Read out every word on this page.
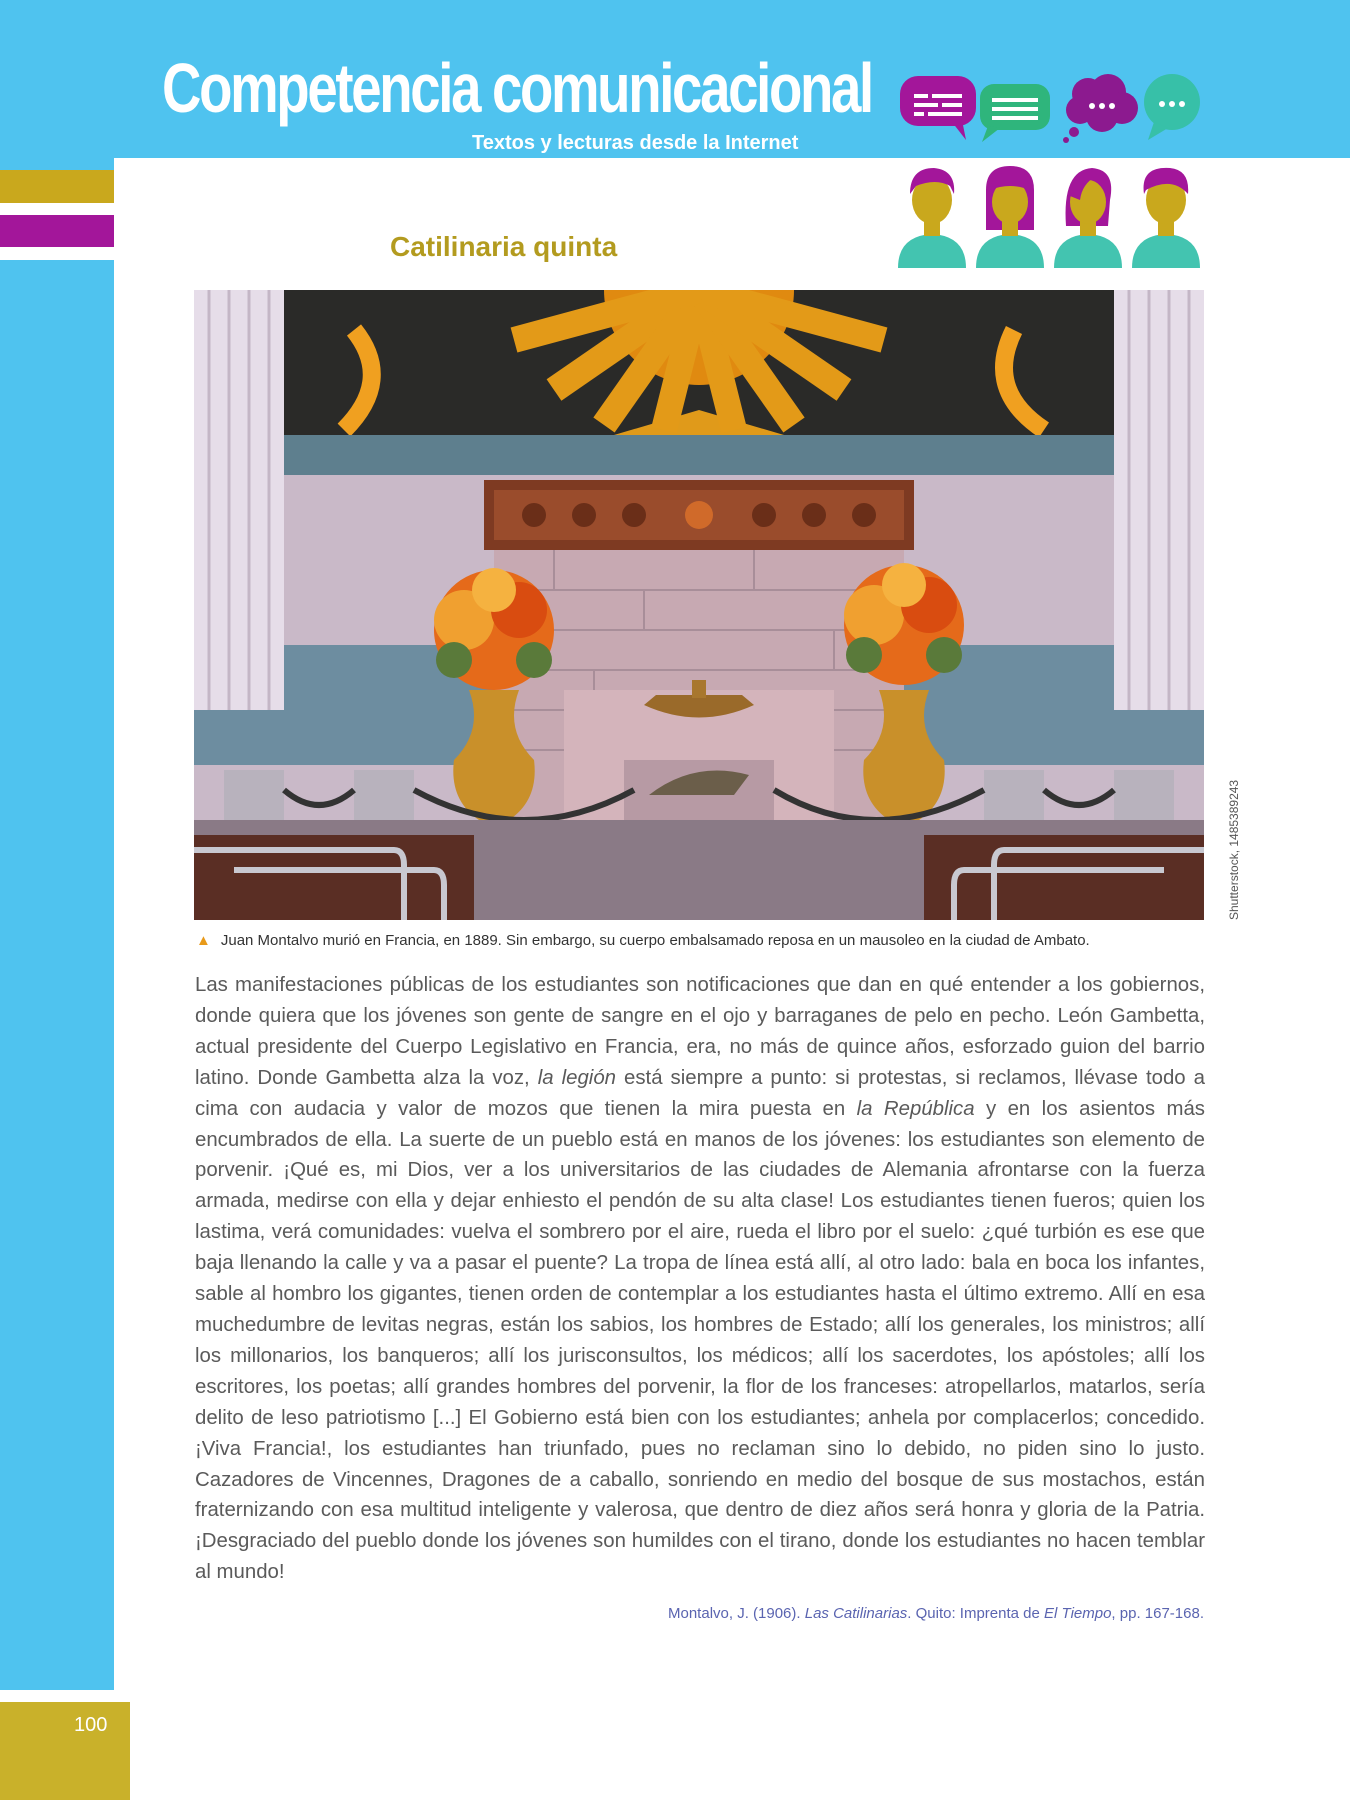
Competencia comunicacional
Textos y lecturas desde la Internet
Catilinaria quinta
Shutterstock, 1485389243
▲ Juan Montalvo murió en Francia, en 1889. Sin embargo, su cuerpo embalsamado reposa en un mausoleo en la ciudad de Ambato.

Las manifestaciones públicas de los estudiantes son notificaciones que dan en qué entender a los gobiernos, donde quiera que los jóvenes son gente de sangre en el ojo y barraganes de pelo en pecho. León Gambetta, actual presidente del Cuerpo Legislativo en Francia, era, no más de quince años, esforzado guion del barrio latino. Donde Gambetta alza la voz, la legión está siempre a punto: si protestas, si reclamos, llévase todo a cima con audacia y valor de mozos que tienen la mira puesta en la República y en los asientos más encumbrados de ella. La suerte de un pueblo está en manos de los jóvenes: los estudiantes son elemento de porvenir. ¡Qué es, mi Dios, ver a los universitarios de las ciudades de Alemania afrontarse con la fuerza armada, medirse con ella y dejar enhiesto el pendón de su alta clase! Los estudiantes tienen fueros; quien los lastima, verá comunidades: vuelva el sombrero por el aire, rueda el libro por el suelo: ¿qué turbión es ese que baja llenando la calle y va a pasar el puente? La tropa de línea está allí, al otro lado: bala en boca los infantes, sable al hombro los gigantes, tienen orden de contemplar a los estudiantes hasta el último extremo. Allí en esa muchedumbre de levitas negras, están los sabios, los hombres de Estado; allí los generales, los ministros; allí los millonarios, los banqueros; allí los jurisconsultos, los médicos; allí los sacerdotes, los apóstoles; allí los escritores, los poetas; allí grandes hombres del porvenir, la flor de los franceses: atropellarlos, matarlos, sería delito de leso patriotismo [...] El Gobierno está bien con los estudiantes; anhela por complacerlos; concedido. ¡Viva Francia!, los estudiantes han triunfado, pues no reclaman sino lo debido, no piden sino lo justo. Cazadores de Vincennes, Dragones de a caballo, sonriendo en medio del bosque de sus mostachos, están fraternizando con esa multitud inteligente y valerosa, que dentro de diez años será honra y gloria de la Patria. ¡Desgraciado del pueblo donde los jóvenes son humildes con el tirano, donde los estudiantes no hacen temblar al mundo!

Montalvo, J. (1906). Las Catilinarias. Quito: Imprenta de El Tiempo, pp. 167-168.
100
